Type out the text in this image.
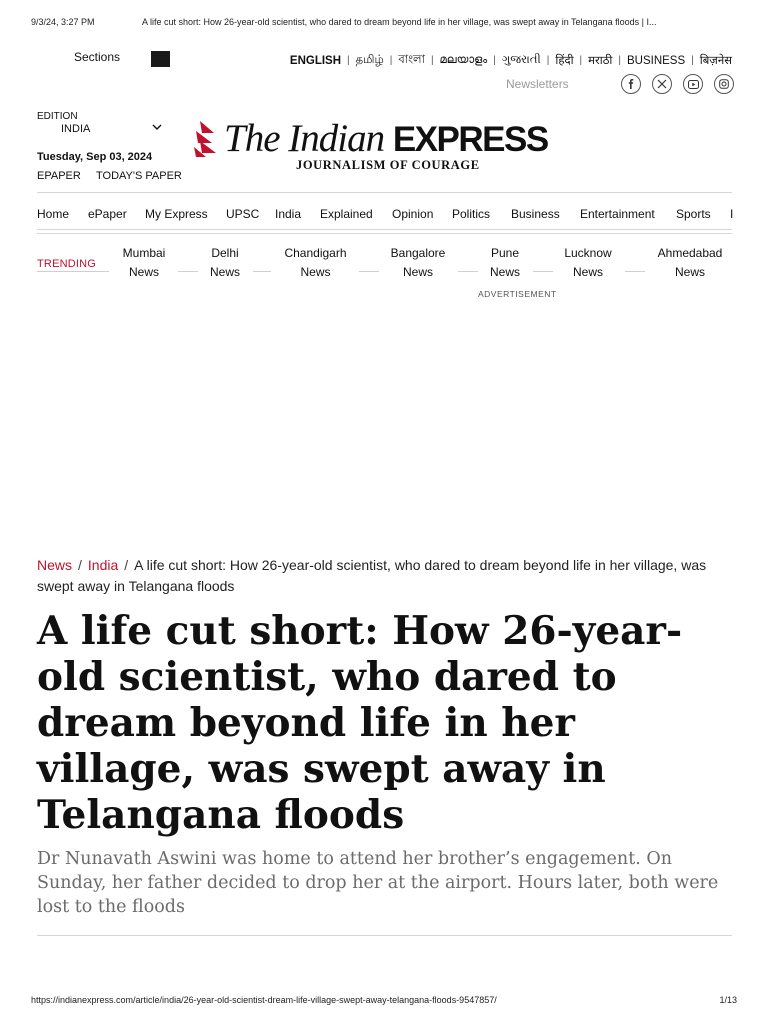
9/3/24, 3:27 PM	A life cut short: How 26-year-old scientist, who dared to dream beyond life in her village, was swept away in Telangana floods | I...
Sections	ENGLISH | தமிழ் | বাংলা | മലയാളം | ગુજરાતી | हिंदी | मराठी | BUSINESS | बिज़नेस
Newsletters
EDITION
INDIA
Tuesday, Sep 03, 2024
EPAPER TODAY'S PAPER
The Indian EXPRESS
JOURNALISM OF COURAGE
Home ePaper My Express UPSC India Explained Opinion Politics Business Entertainment Sports I
TRENDING
Mumbai
News
Delhi
News
Chandigarh
News
Bangalore
News
Pune
News
Lucknow
News
Ahmedabad
News
ADVERTISEMENT
News / India / A life cut short: How 26-year-old scientist, who dared to dream beyond life in her village, was swept away in Telangana floods
A life cut short: How 26-year-old scientist, who dared to dream beyond life in her village, was swept away in Telangana floods

Dr Nunavath Aswini was home to attend her brother’s engagement. On Sunday, her father decided to drop her at the airport. Hours later, both were lost to the floods

https://indianexpress.com/article/india/26-year-old-scientist-dream-life-village-swept-away-telangana-floods-9547857/	1/13
